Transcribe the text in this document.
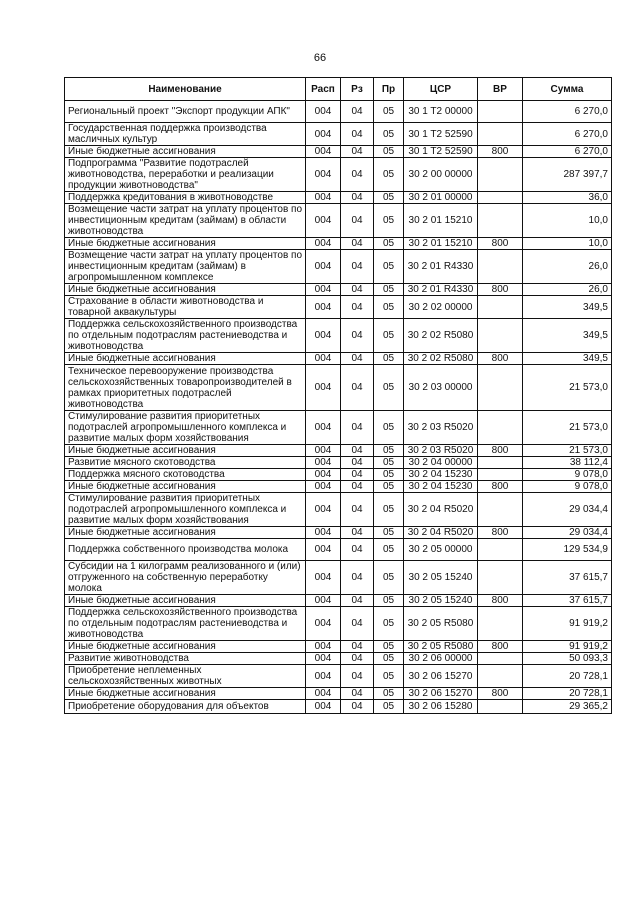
66
Наименование	Расп	Рз	Пр	ЦСР	ВР	Сумма
Региональный проект "Экспорт продукции АПК"	004	04	05	30 1 T2 00000		6 270,0
Государственная поддержка производства масличных культур	004	04	05	30 1 T2 52590		6 270,0
Иные бюджетные ассигнования	004	04	05	30 1 T2 52590	800	6 270,0
Подпрограмма "Развитие подотраслей животноводства, переработки и реализации продукции животноводства"	004	04	05	30 2 00 00000		287 397,7
Поддержка кредитования в животноводстве	004	04	05	30 2 01 00000		36,0
Возмещение части затрат на уплату процентов по инвестиционным кредитам (займам) в области животноводства	004	04	05	30 2 01 15210		10,0
Иные бюджетные ассигнования	004	04	05	30 2 01 15210	800	10,0
Возмещение части затрат на уплату процентов по инвестиционным кредитам (займам) в агропромышленном комплексе	004	04	05	30 2 01 R4330		26,0
Иные бюджетные ассигнования	004	04	05	30 2 01 R4330	800	26,0
Страхование в области животноводства и товарной аквакультуры	004	04	05	30 2 02 00000		349,5
Поддержка сельскохозяйственного производства по отдельным подотраслям растениеводства и животноводства	004	04	05	30 2 02 R5080		349,5
Иные бюджетные ассигнования	004	04	05	30 2 02 R5080	800	349,5
Техническое перевооружение производства сельскохозяйственных товаропроизводителей в рамках приоритетных подотраслей животноводства	004	04	05	30 2 03 00000		21 573,0
Стимулирование развития приоритетных подотраслей агропромышленного комплекса и развитие малых форм хозяйствования	004	04	05	30 2 03 R5020		21 573,0
Иные бюджетные ассигнования	004	04	05	30 2 03 R5020	800	21 573,0
Развитие мясного скотоводства	004	04	05	30 2 04 00000		38 112,4
Поддержка мясного скотоводства	004	04	05	30 2 04 15230		9 078,0
Иные бюджетные ассигнования	004	04	05	30 2 04 15230	800	9 078,0
Стимулирование развития приоритетных подотраслей агропромышленного комплекса и развитие малых форм хозяйствования	004	04	05	30 2 04 R5020		29 034,4
Иные бюджетные ассигнования	004	04	05	30 2 04 R5020	800	29 034,4
Поддержка собственного производства молока	004	04	05	30 2 05 00000		129 534,9
Субсидии на 1 килограмм реализованного и (или) отгруженного на собственную переработку молока	004	04	05	30 2 05 15240		37 615,7
Иные бюджетные ассигнования	004	04	05	30 2 05 15240	800	37 615,7
Поддержка сельскохозяйственного производства по отдельным подотраслям растениеводства и животноводства	004	04	05	30 2 05 R5080		91 919,2
Иные бюджетные ассигнования	004	04	05	30 2 05 R5080	800	91 919,2
Развитие животноводства	004	04	05	30 2 06 00000		50 093,3
Приобретение неплеменных сельскохозяйственных животных	004	04	05	30 2 06 15270		20 728,1
Иные бюджетные ассигнования	004	04	05	30 2 06 15270	800	20 728,1
Приобретение оборудования для объектов	004	04	05	30 2 06 15280		29 365,2
